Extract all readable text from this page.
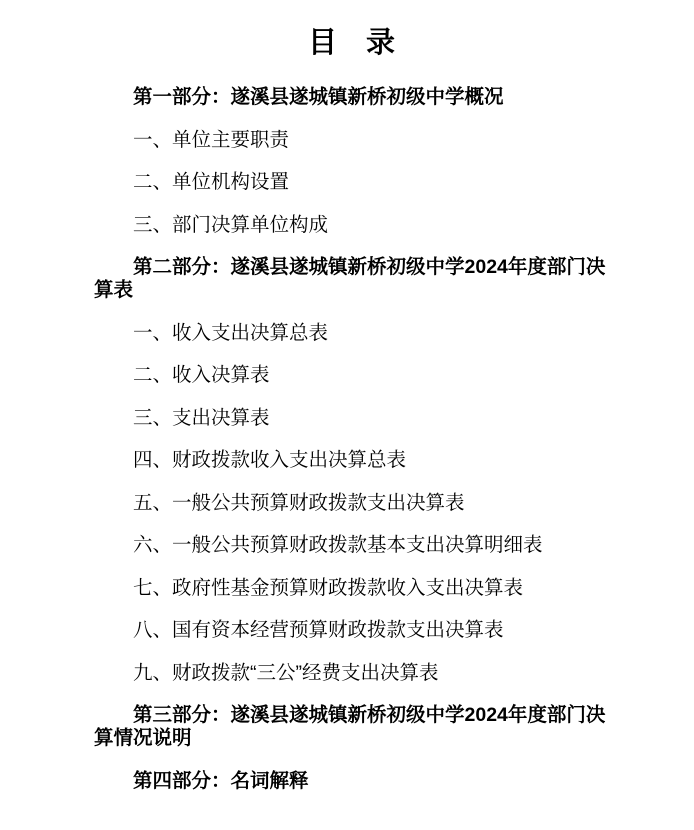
目　录

第一部分：遂溪县遂城镇新桥初级中学概况

一、单位主要职责

二、单位机构设置

三、部门决算单位构成

第二部分：遂溪县遂城镇新桥初级中学2024年度部门决
算表

一、收入支出决算总表

二、收入决算表

三、支出决算表

四、财政拨款收入支出决算总表

五、一般公共预算财政拨款支出决算表

六、一般公共预算财政拨款基本支出决算明细表

七、政府性基金预算财政拨款收入支出决算表

八、国有资本经营预算财政拨款支出决算表

九、财政拨款“三公”经费支出决算表

第三部分：遂溪县遂城镇新桥初级中学2024年度部门决
算情况说明

第四部分：名词解释
